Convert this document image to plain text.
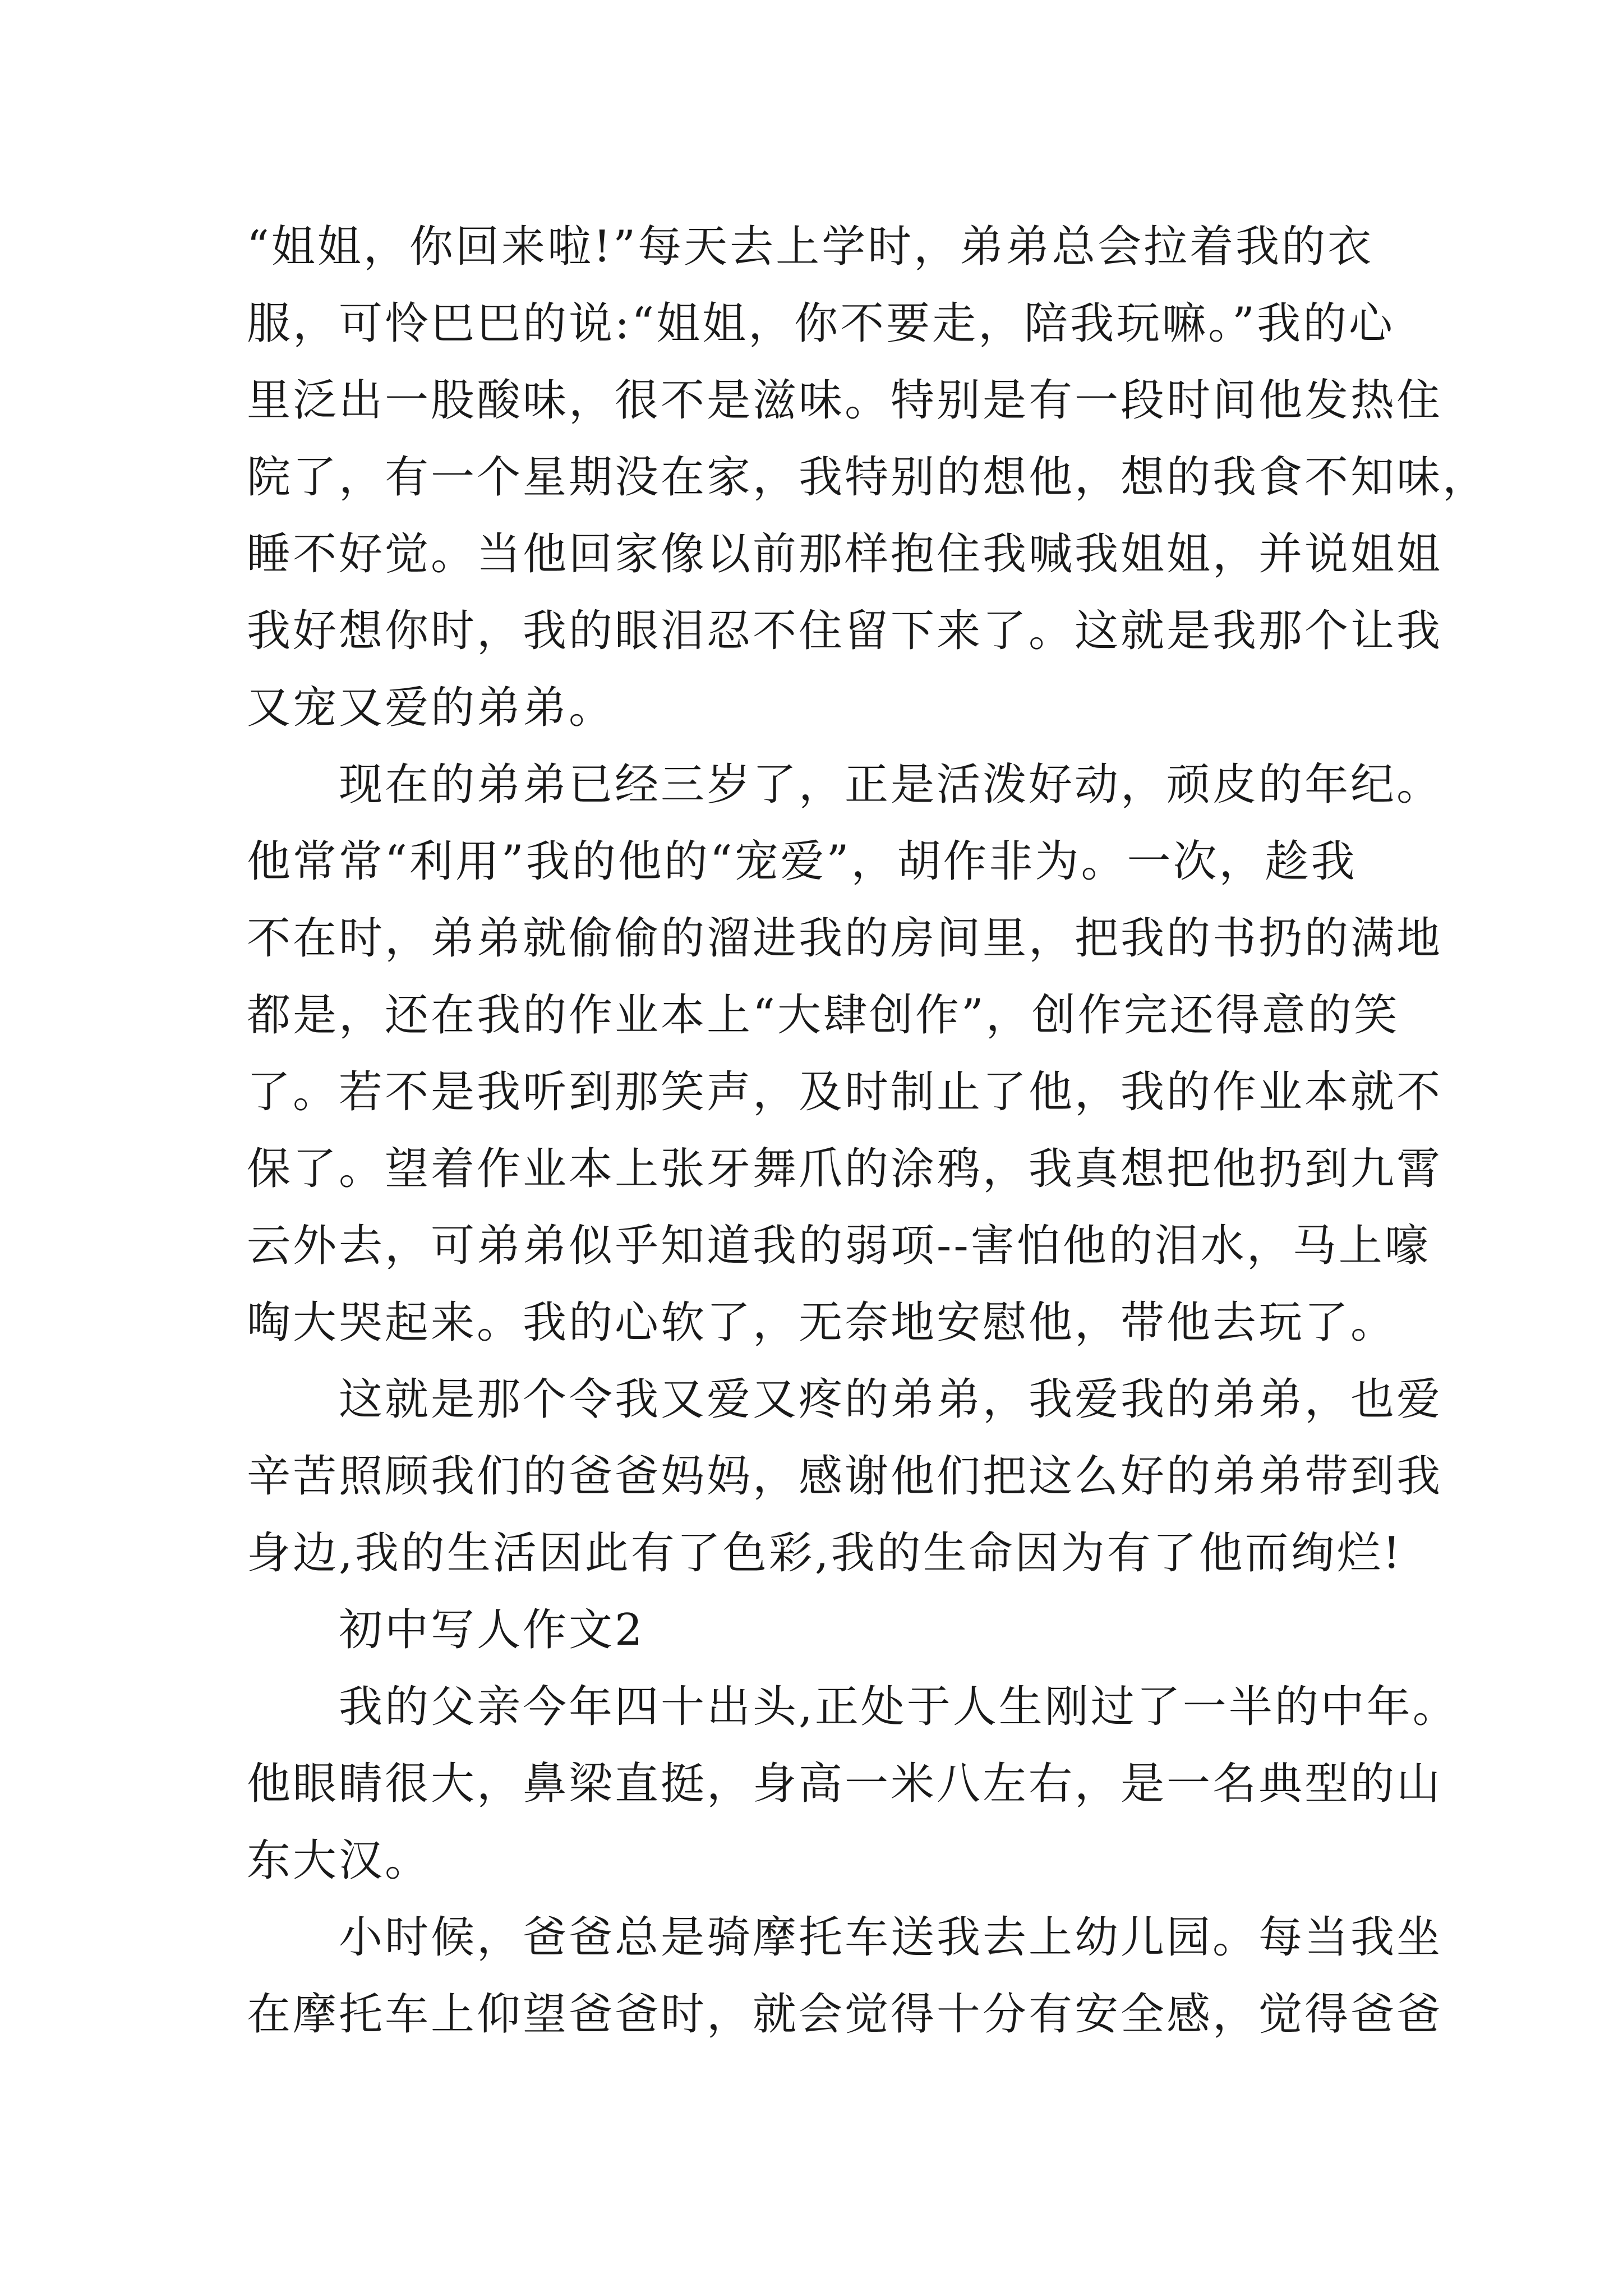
“姐姐，你回来啦!”每天去上学时，弟弟总会拉着我的衣

服，可怜巴巴的说:“姐姐，你不要走，陪我玩嘛。”我的心

里泛出一股酸味，很不是滋味。特别是有一段时间他发热住

院了，有一个星期没在家，我特别的想他，想的我食不知味，

睡不好觉。当他回家像以前那样抱住我喊我姐姐，并说姐姐

我好想你时，我的眼泪忍不住留下来了。这就是我那个让我

又宠又爱的弟弟。

　　现在的弟弟已经三岁了，正是活泼好动，顽皮的年纪。

他常常“利用”我的他的“宠爱”，胡作非为。一次，趁我

不在时，弟弟就偷偷的溜进我的房间里，把我的书扔的满地

都是，还在我的作业本上“大肆创作”，创作完还得意的笑

了。若不是我听到那笑声，及时制止了他，我的作业本就不

保了。望着作业本上张牙舞爪的涂鸦，我真想把他扔到九霄

云外去，可弟弟似乎知道我的弱项--害怕他的泪水，马上嚎

啕大哭起来。我的心软了，无奈地安慰他，带他去玩了。

　　这就是那个令我又爱又疼的弟弟，我爱我的弟弟，也爱

辛苦照顾我们的爸爸妈妈，感谢他们把这么好的弟弟带到我

身边,我的生活因此有了色彩,我的生命因为有了他而绚烂!

　　初中写人作文2

　　我的父亲今年四十出头,正处于人生刚过了一半的中年。

他眼睛很大，鼻梁直挺，身高一米八左右，是一名典型的山

东大汉。

　　小时候，爸爸总是骑摩托车送我去上幼儿园。每当我坐

在摩托车上仰望爸爸时，就会觉得十分有安全感，觉得爸爸
